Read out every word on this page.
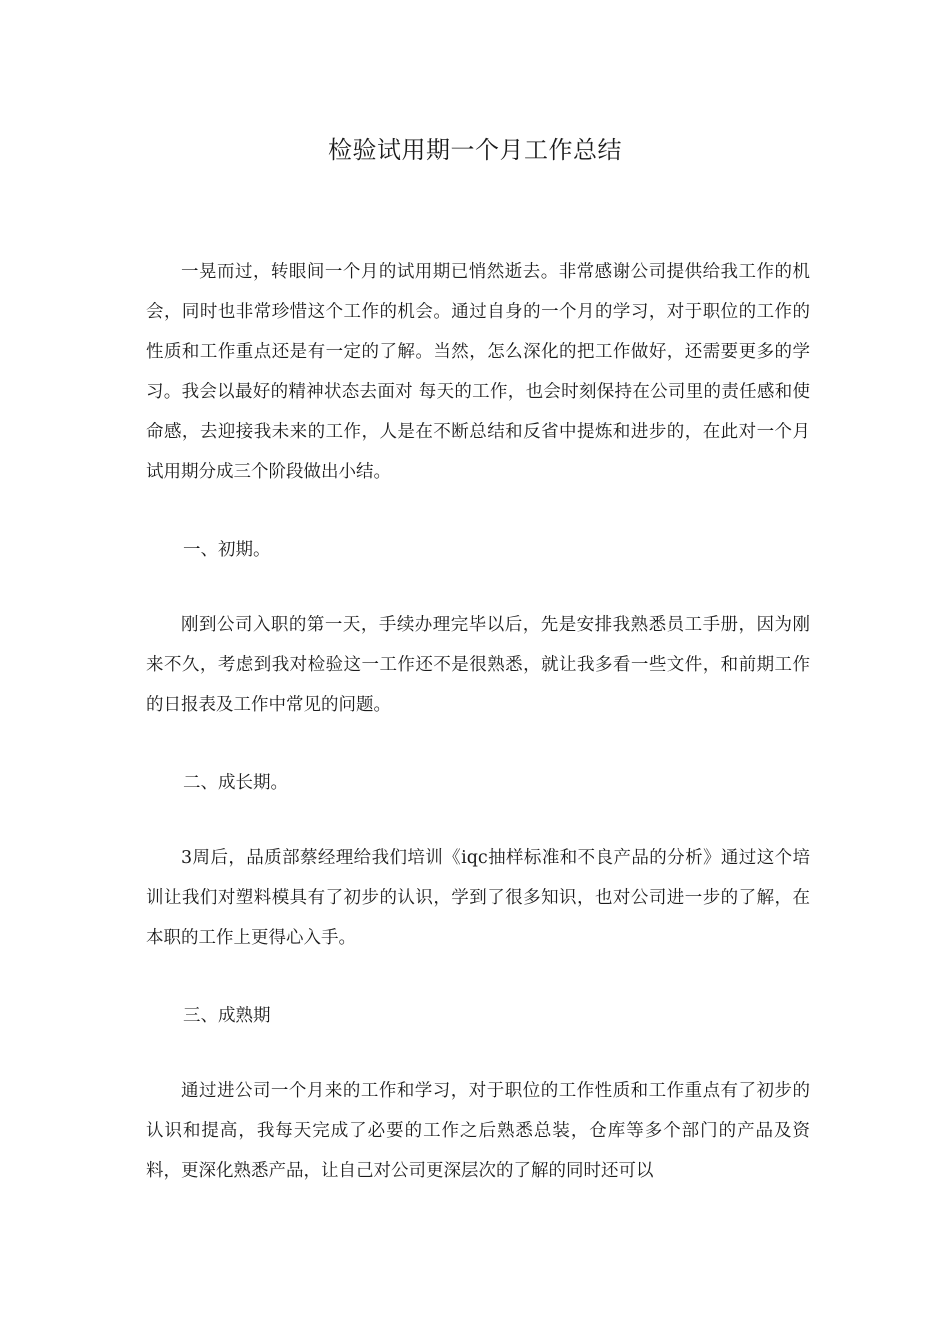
检验试用期一个月工作总结

一晃而过，转眼间一个月的试用期已悄然逝去。非常感谢公司提供给我工作的机会，同时也非常珍惜这个工作的机会。通过自身的一个月的学习，对于职位的工作的性质和工作重点还是有一定的了解。当然，怎么深化的把工作做好，还需要更多的学习。我会以最好的精神状态去面对 每天的工作，也会时刻保持在公司里的责任感和使命感，去迎接我未来的工作，人是在不断总结和反省中提炼和进步的，在此对一个月试用期分成三个阶段做出小结。

一、初期。

刚到公司入职的第一天，手续办理完毕以后，先是安排我熟悉员工手册，因为刚来不久，考虑到我对检验这一工作还不是很熟悉，就让我多看一些文件，和前期工作的日报表及工作中常见的问题。

二、成长期。

3周后，品质部蔡经理给我们培训《iqc抽样标准和不良产品的分析》通过这个培训让我们对塑料模具有了初步的认识，学到了很多知识，也对公司进一步的了解，在本职的工作上更得心入手。

三、成熟期

通过进公司一个月来的工作和学习，对于职位的工作性质和工作重点有了初步的认识和提高，我每天完成了必要的工作之后熟悉总装，仓库等多个部门的产品及资料，更深化熟悉产品，让自己对公司更深层次的了解的同时还可以
